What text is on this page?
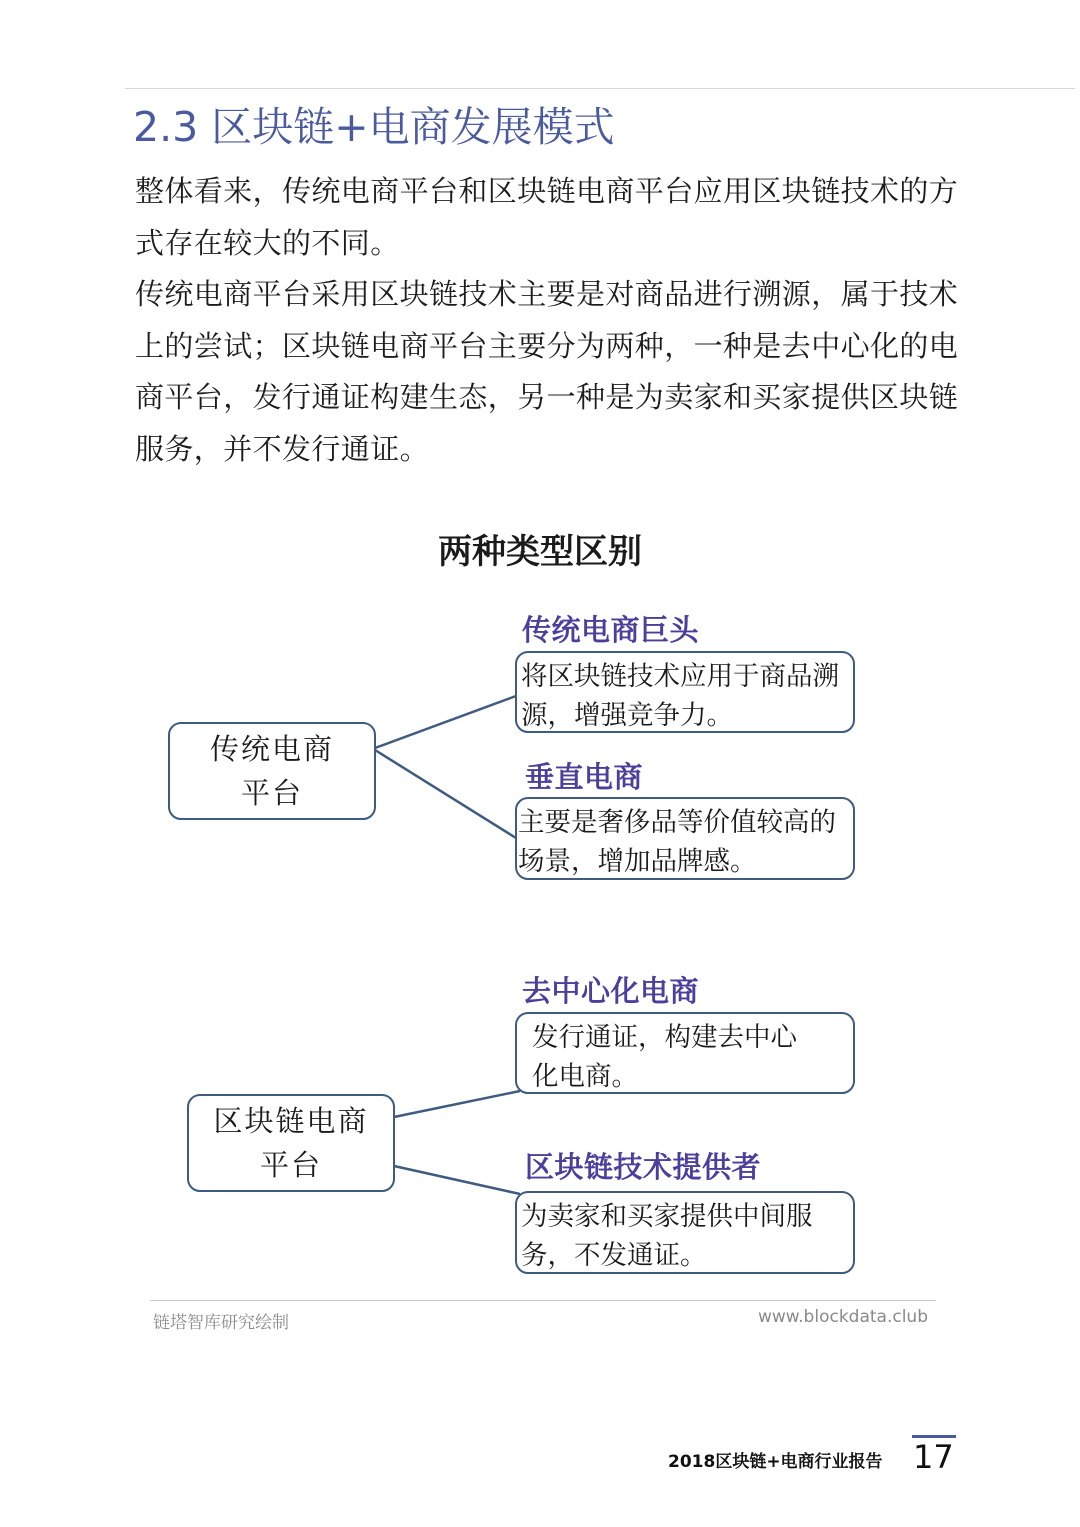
2.3 区块链+电商发展模式

整体看来，传统电商平台和区块链电商平台应用区块链技术的方式存在较大的不同。

传统电商平台采用区块链技术主要是对商品进行溯源，属于技术上的尝试；区块链电商平台主要分为两种，一种是去中心化的电商平台，发行通证构建生态，另一种是为卖家和买家提供区块链服务，并不发行通证。

两种类型区别
传统电商
平台
传统电商巨头
将区块链技术应用于商品溯
源，增强竞争力。
垂直电商
主要是奢侈品等价值较高的
场景，增加品牌感。
区块链电商
平台
去中心化电商
发行通证，构建去中心
化电商。
区块链技术提供者
为卖家和买家提供中间服
务，不发通证。
链塔智库研究绘制	www.blockdata.club
2018区块链+电商行业报告 17
